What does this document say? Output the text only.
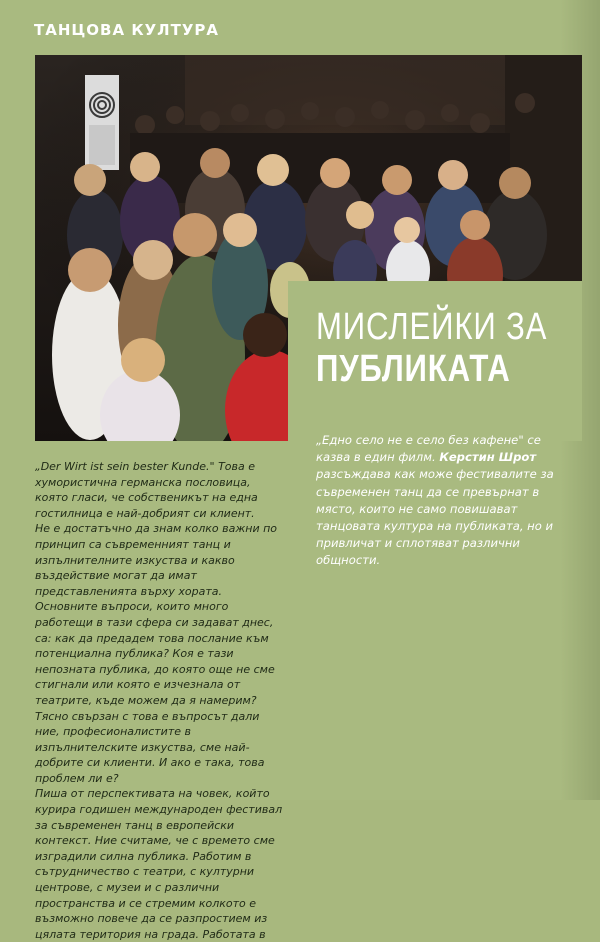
ТАНЦОВА КУЛТУРА
МИСЛЕЙКИ ЗА
ПУБЛИКАТА
„Едно село не е село без кафене" се казва в един филм. Керстин Шрот разсъждава как може фестивалите за съвременен танц да се превърнат в място, които не само повишават танцовата култура на публиката, но и привличат и сплотяват различни общности.

„Der Wirt ist sein bester Kunde." Това е хумористична германска пословица, която гласи, че собственикът на една гостилница е най-добрият си клиент.

Не е достатъчно да знам колко важни по принцип са съвременният танц и изпълнителните изкуства и какво въздействие могат да имат представленията върху хората. Основните въпроси, които много работещи в тази сфера си задават днес, са: как да предадем това послание към потенциална публика? Коя е тази непозната публика, до която още не сме стигнали или която е изчезнала от театрите, къде можем да я намерим? Тясно свързан с това е въпросът дали ние, професионалистите в изпълнителските изкуства, сме най-добрите си клиенти. И ако е така, това проблем ли е?

Пиша от перспективата на човек, който курира годишен международен фестивал за съвременен танц в европейски контекст. Ние считаме, че с времето сме изградили силна публика. Работим в сътрудничество с театри, с културни центрове, с музеи и с различни пространства и се стремим колкото е възможно повече да се разпростием из цялата територия на града. Работата в
